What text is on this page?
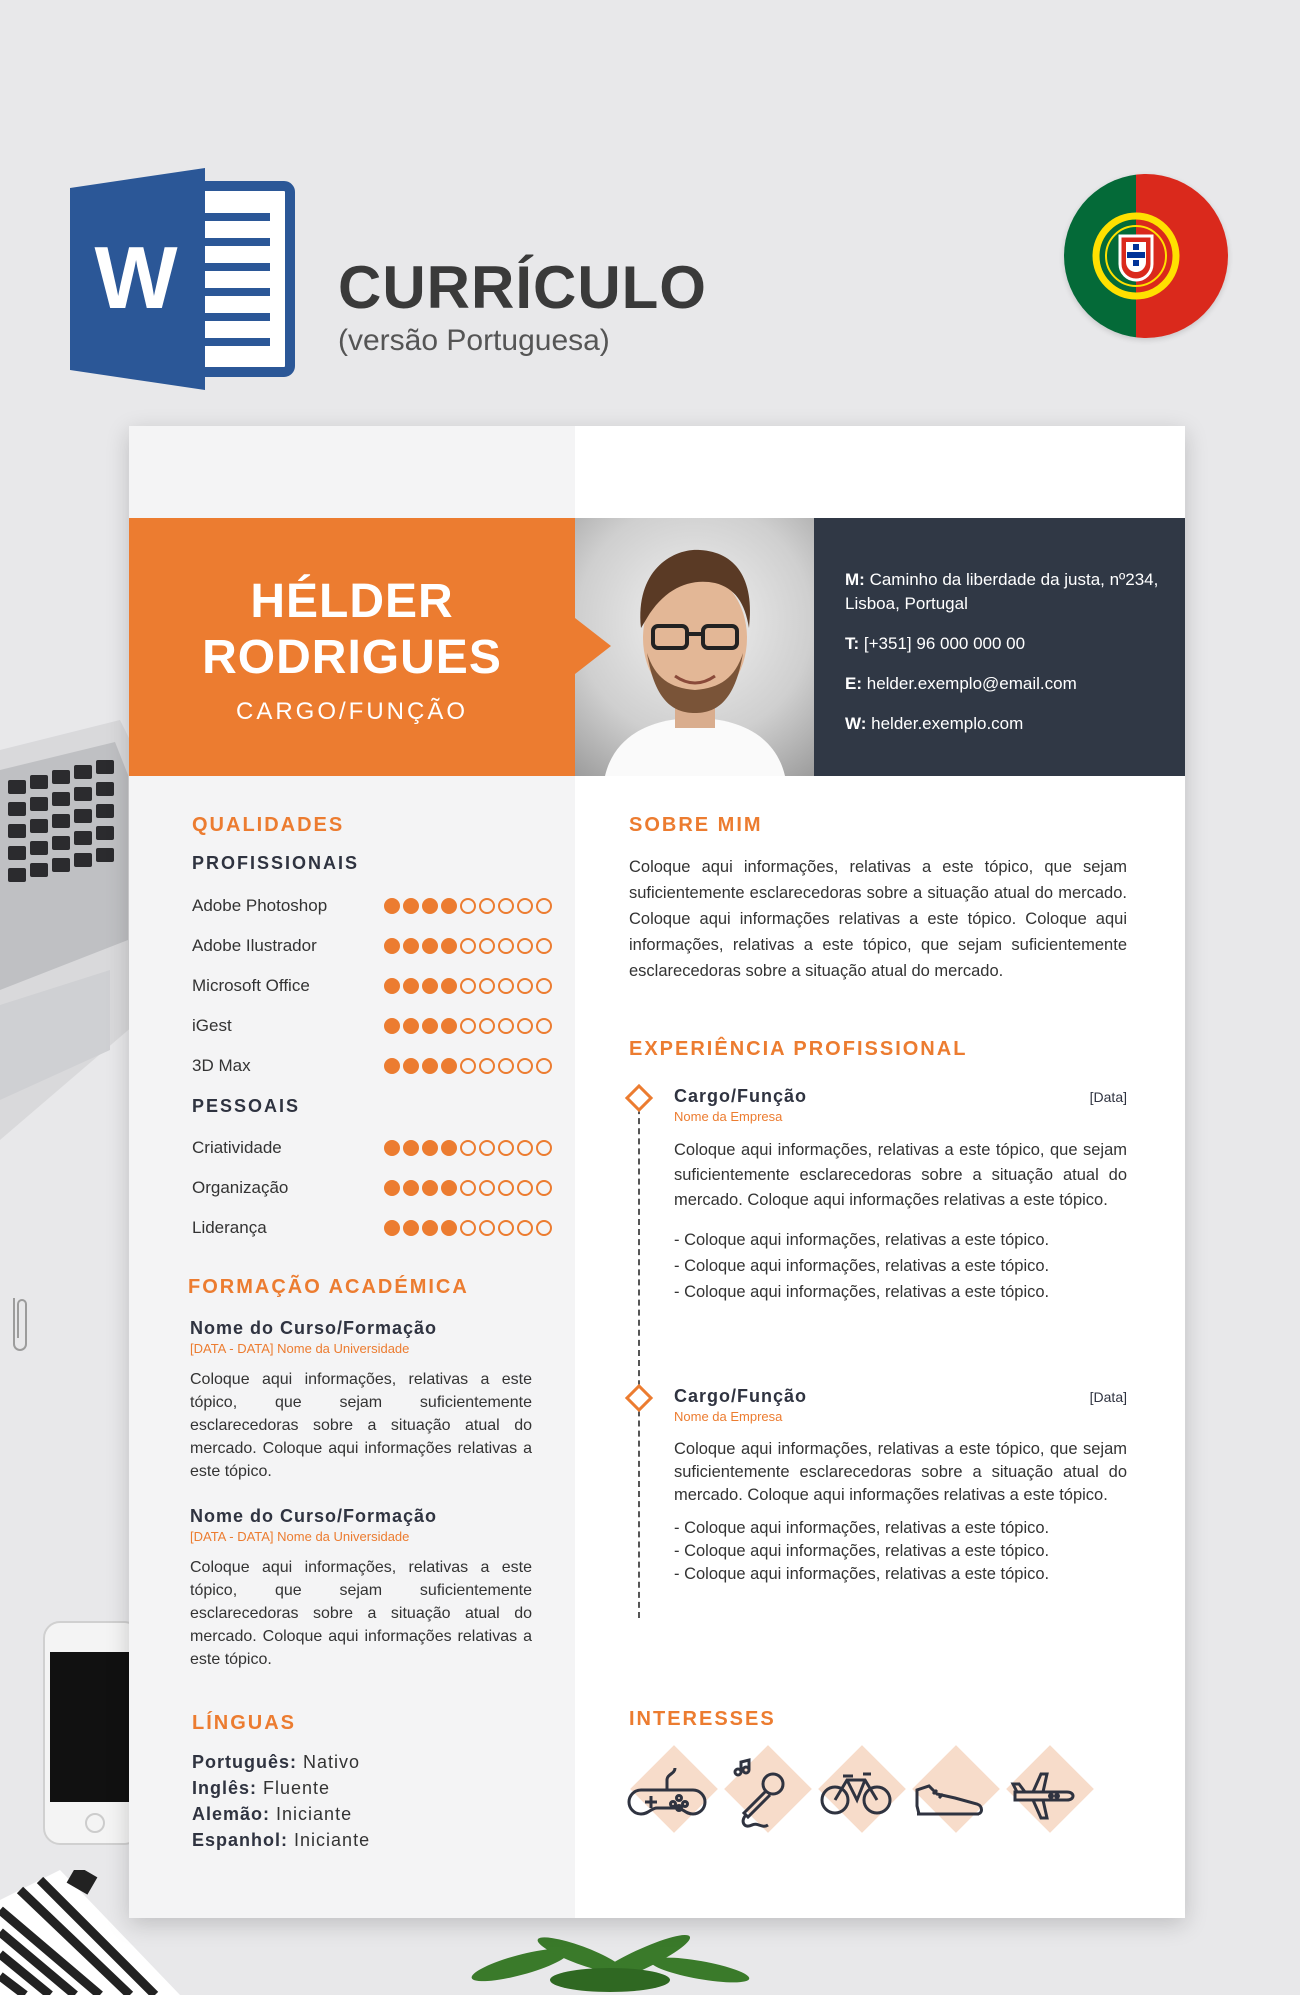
W	CURRÍCULO

(versão Portuguesa)

HÉLDER
RODRIGUES
CARGO/FUNÇÃO
M: Caminho da liberdade da justa, nº234, Lisboa, Portugal
T: [+351] 96 000 000 00
E: helder.exemplo@email.com
W: helder.exemplo.com
QUALIDADES
PROFISSIONAIS
Adobe Photoshop
Adobe Ilustrador
Microsoft Office
iGest
3D Max
PESSOAIS
Criatividade
Organização
Liderança
FORMAÇÃO ACADÉMICA
Nome do Curso/Formação
[DATA - DATA] Nome da Universidade
Coloque aqui informações, relativas a este tópico, que sejam suficientemente esclarecedoras sobre a situação atual do mercado. Coloque aqui informações relativas a este tópico.
Nome do Curso/Formação
[DATA - DATA] Nome da Universidade
Coloque aqui informações, relativas a este tópico, que sejam suficientemente esclarecedoras sobre a situação atual do mercado. Coloque aqui informações relativas a este tópico.
LÍNGUAS
Português: Nativo
Inglês: Fluente
Alemão: Iniciante
Espanhol: Iniciante
SOBRE MIM
Coloque aqui informações, relativas a este tópico, que sejam suficientemente esclarecedoras sobre a situação atual do mercado. Coloque aqui informações relativas a este tópico. Coloque aqui informações, relativas a este tópico, que sejam suficientemente esclarecedoras sobre a situação atual do mercado.
EXPERIÊNCIA PROFISSIONAL
Cargo/Função	[Data]
Nome da Empresa
Coloque aqui informações, relativas a este tópico, que sejam suficientemente esclarecedoras sobre a situação atual do mercado. Coloque aqui informações relativas a este tópico.
- Coloque aqui informações, relativas a este tópico.
- Coloque aqui informações, relativas a este tópico.
- Coloque aqui informações, relativas a este tópico.
Cargo/Função	[Data]
Nome da Empresa
Coloque aqui informações, relativas a este tópico, que sejam suficientemente esclarecedoras sobre a situação atual do mercado. Coloque aqui informações relativas a este tópico.
- Coloque aqui informações, relativas a este tópico.
- Coloque aqui informações, relativas a este tópico.
- Coloque aqui informações, relativas a este tópico.
INTERESSES
